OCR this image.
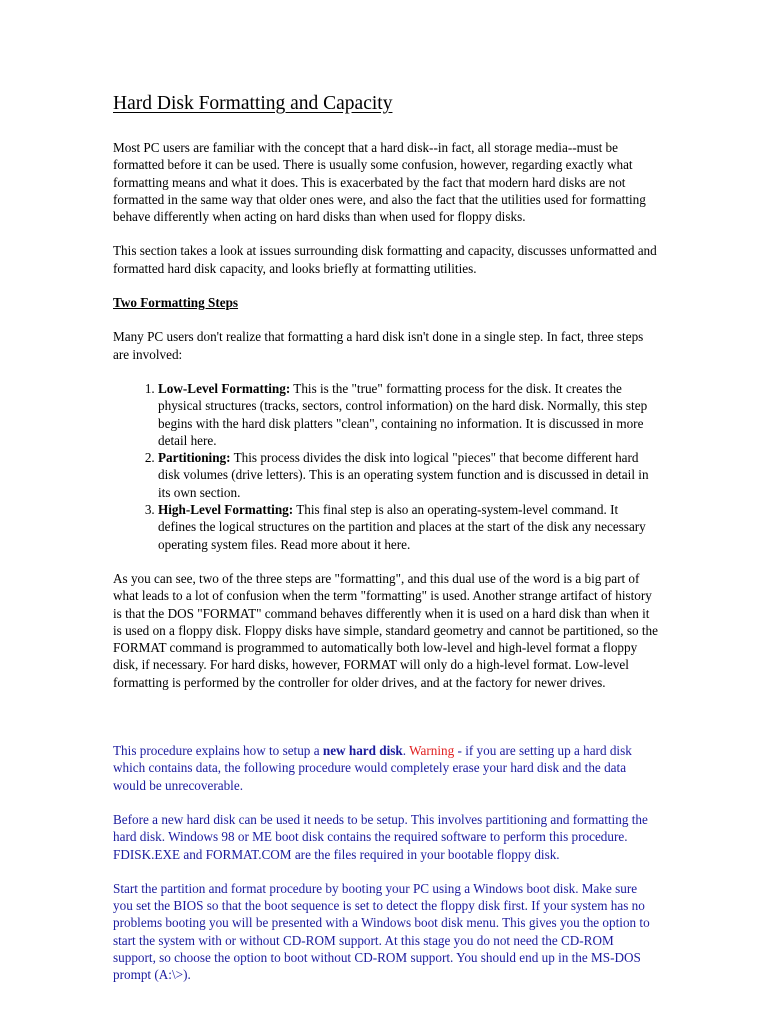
Hard Disk Formatting and Capacity

Most PC users are familiar with the concept that a hard disk--in fact, all storage media--must be formatted before it can be used. There is usually some confusion, however, regarding exactly what formatting means and what it does. This is exacerbated by the fact that modern hard disks are not formatted in the same way that older ones were, and also the fact that the utilities used for formatting behave differently when acting on hard disks than when used for floppy disks.

This section takes a look at issues surrounding disk formatting and capacity, discusses unformatted and formatted hard disk capacity, and looks briefly at formatting utilities.

Two Formatting Steps

Many PC users don't realize that formatting a hard disk isn't done in a single step. In fact, three steps are involved:

1. Low-Level Formatting: This is the "true" formatting process for the disk. It creates the physical structures (tracks, sectors, control information) on the hard disk. Normally, this step begins with the hard disk platters "clean", containing no information. It is discussed in more detail here.
2. Partitioning: This process divides the disk into logical "pieces" that become different hard disk volumes (drive letters). This is an operating system function and is discussed in detail in its own section.
3. High-Level Formatting: This final step is also an operating-system-level command. It defines the logical structures on the partition and places at the start of the disk any necessary operating system files. Read more about it here.

As you can see, two of the three steps are "formatting", and this dual use of the word is a big part of what leads to a lot of confusion when the term "formatting" is used. Another strange artifact of history is that the DOS "FORMAT" command behaves differently when it is used on a hard disk than when it is used on a floppy disk. Floppy disks have simple, standard geometry and cannot be partitioned, so the FORMAT command is programmed to automatically both low-level and high-level format a floppy disk, if necessary. For hard disks, however, FORMAT will only do a high-level format. Low-level formatting is performed by the controller for older drives, and at the factory for newer drives.

This procedure explains how to setup a new hard disk. Warning - if you are setting up a hard disk which contains data, the following procedure would completely erase your hard disk and the data would be unrecoverable.

Before a new hard disk can be used it needs to be setup. This involves partitioning and formatting the hard disk. Windows 98 or ME boot disk contains the required software to perform this procedure. FDISK.EXE and FORMAT.COM are the files required in your bootable floppy disk.

Start the partition and format procedure by booting your PC using a Windows boot disk. Make sure you set the BIOS so that the boot sequence is set to detect the floppy disk first. If your system has no problems booting you will be presented with a Windows boot disk menu. This gives you the option to start the system with or without CD-ROM support. At this stage you do not need the CD-ROM support, so choose the option to boot without CD-ROM support. You should end up in the MS-DOS prompt (A:\>).
